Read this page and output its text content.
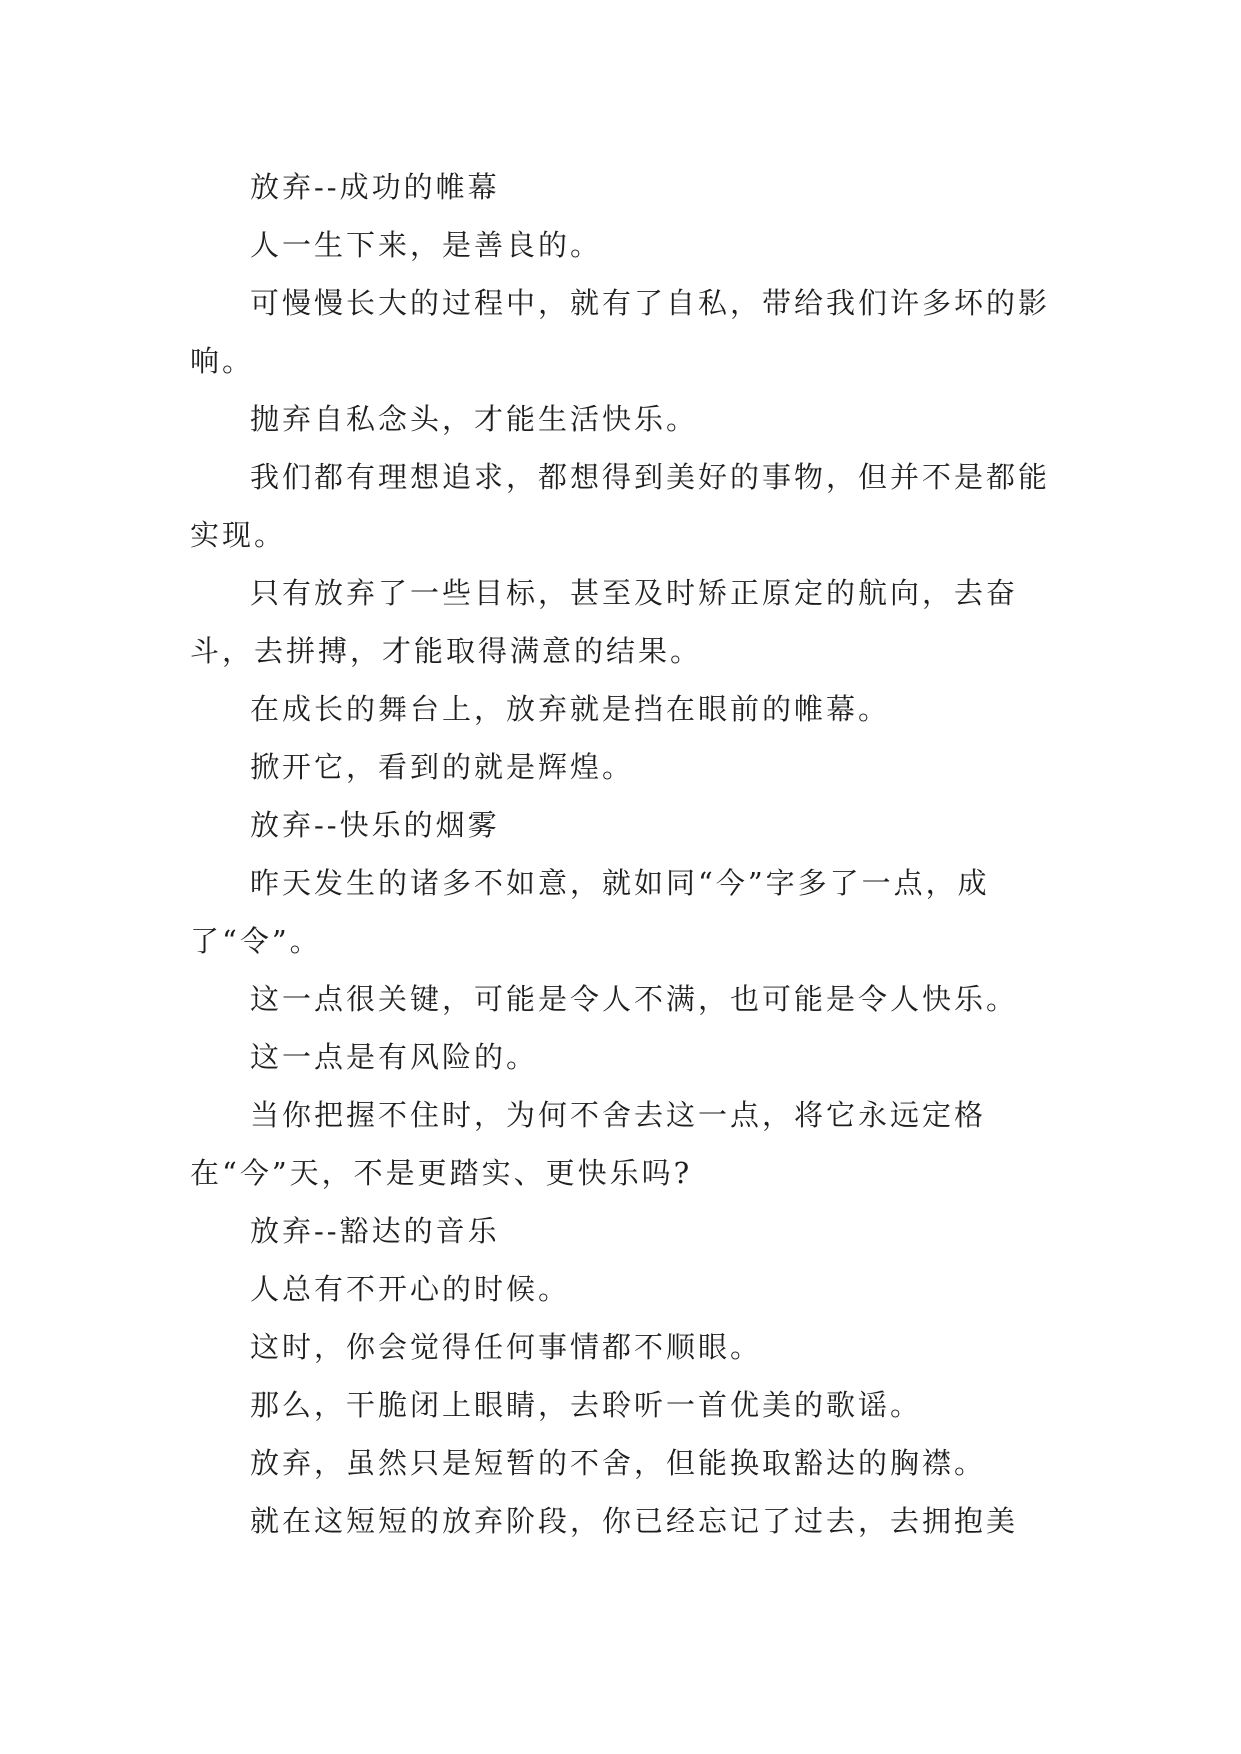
放弃--成功的帷幕

人一生下来，是善良的。

可慢慢长大的过程中，就有了自私，带给我们许多坏的影响。

抛弃自私念头，才能生活快乐。

我们都有理想追求，都想得到美好的事物，但并不是都能实现。

只有放弃了一些目标，甚至及时矫正原定的航向，去奋斗，去拼搏，才能取得满意的结果。

在成长的舞台上，放弃就是挡在眼前的帷幕。

掀开它，看到的就是辉煌。

放弃--快乐的烟雾

昨天发生的诸多不如意，就如同“今”字多了一点，成了“令”。

这一点很关键，可能是令人不满，也可能是令人快乐。

这一点是有风险的。

当你把握不住时，为何不舍去这一点，将它永远定格在“今”天，不是更踏实、更快乐吗?

放弃--豁达的音乐

人总有不开心的时候。

这时，你会觉得任何事情都不顺眼。

那么，干脆闭上眼睛，去聆听一首优美的歌谣。

放弃，虽然只是短暂的不舍，但能换取豁达的胸襟。

就在这短短的放弃阶段，你已经忘记了过去，去拥抱美
